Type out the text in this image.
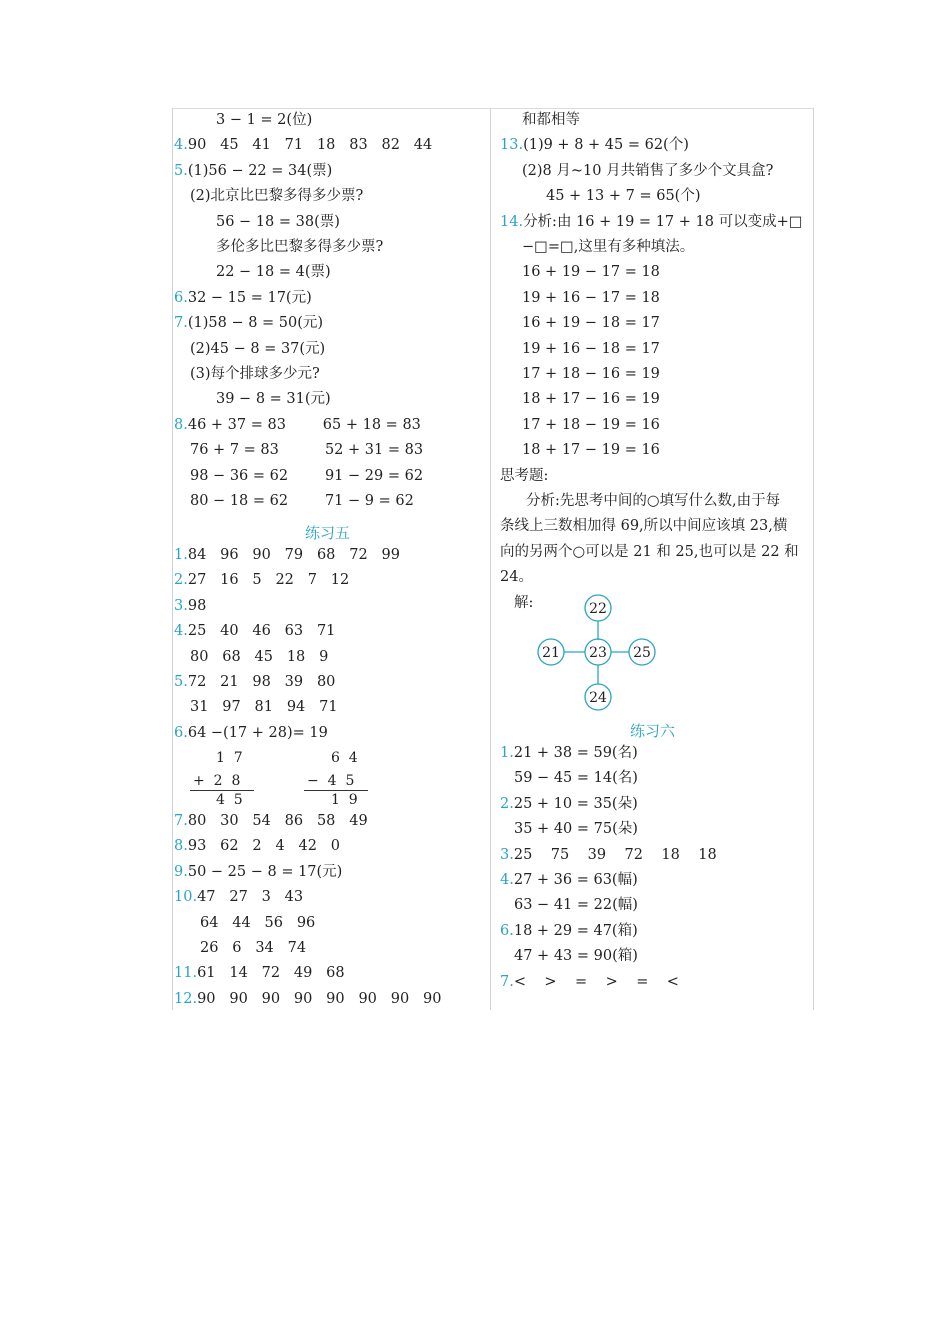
3 − 1 = 2(位)
4.90   45   41   71   18   83   82   44
5.(1)56 − 22 = 34(票)
(2)北京比巴黎多得多少票?
56 − 18 = 38(票)
多伦多比巴黎多得多少票?
22 − 18 = 4(票)
6.32 − 15 = 17(元)
7.(1)58 − 8 = 50(元)
(2)45 − 8 = 37(元)
(3)每个排球多少元?
39 − 8 = 31(元)
8.46 + 37 = 83        65 + 18 = 83
76 + 7 = 83          52 + 31 = 83
98 − 36 = 62        91 − 29 = 62
80 − 18 = 62        71 − 9 = 62
1.84   96   90   79   68   72   99
2.27   16   5   22   7   12
3.98
4.25   40   46   63   71
80   68   45   18   9
5.72   21   98   39   80
31   97   81   94   71
6.64 −(17 + 28)= 19
7.80   30   54   86   58   49
8.93   62   2   4   42   0
9.50 − 25 − 8 = 17(元)
10.47   27   3   43
64   44   56   96
26   6   34   74
11.61   14   72   49   68
12.90   90   90   90   90   90   90   90
和都相等
13.(1)9 + 8 + 45 = 62(个)
(2)8 月~10 月共销售了多少个文具盒?
45 + 13 + 7 = 65(个)
14.分析:由 16 + 19 = 17 + 18 可以变成+□
−□=□,这里有多种填法。
16 + 19 − 17 = 18
19 + 16 − 17 = 18
16 + 19 − 18 = 17
19 + 16 − 18 = 17
17 + 18 − 16 = 19
18 + 17 − 16 = 19
17 + 18 − 19 = 16
18 + 17 − 19 = 16
思考题:
分析:先思考中间的○填写什么数,由于每
条线上三数相加得 69,所以中间应该填 23,横
向的另两个○可以是 21 和 25,也可以是 22 和
24。
1.21 + 38 = 59(名)
59 − 45 = 14(名)
2.25 + 10 = 35(朵)
35 + 40 = 75(朵)
3.25    75    39    72    18    18
4.27 + 36 = 63(幅)
63 − 41 = 22(幅)
6.18 + 29 = 47(箱)
47 + 43 = 90(箱)
7.<    >    =    >    =    <
练习五
练习六
1  7
+  2  8
4  5
6  4
−  4  5
1  9
解:	22
21 23 25
24
